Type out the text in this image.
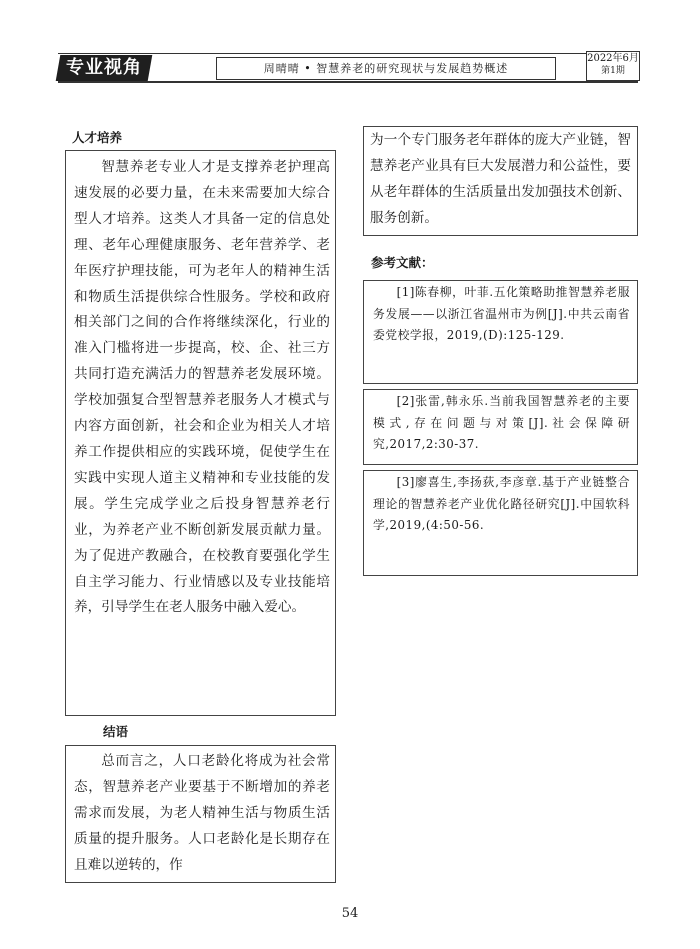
专业视角	周晴晴 • 智慧养老的研究现状与发展趋势概述
2022年6月
第1期
人才培养

智慧养老专业人才是支撑养老护理高速发展的必要力量，在未来需要加大综合型人才培养。这类人才具备一定的信息处理、老年心理健康服务、老年营养学、老年医疗护理技能，可为老年人的精神生活和物质生活提供综合性服务。学校和政府相关部门之间的合作将继续深化，行业的准入门槛将进一步提高，校、企、社三方共同打造充满活力的智慧养老发展环境。学校加强复合型智慧养老服务人才模式与内容方面创新，社会和企业为相关人才培养工作提供相应的实践环境，促使学生在实践中实现人道主义精神和专业技能的发展。学生完成学业之后投身智慧养老行业，为养老产业不断创新发展贡献力量。为了促进产教融合，在校教育要强化学生自主学习能力、行业情感以及专业技能培养，引导学生在老人服务中融入爱心。

结语

总而言之，人口老龄化将成为社会常态，智慧养老产业要基于不断增加的养老需求而发展，为老人精神生活与物质生活质量的提升服务。人口老龄化是长期存在且难以逆转的，作

为一个专门服务老年群体的庞大产业链，智慧养老产业具有巨大发展潜力和公益性，要从老年群体的生活质量出发加强技术创新、服务创新。

参考文献：

[1]陈春柳，叶菲.五化策略助推智慧养老服务发展——以浙江省温州市为例[J].中共云南省委党校学报，2019,(D):125-129.

[2]张雷,韩永乐.当前我国智慧养老的主要模式,存在问题与对策[J].社会保障研究,2017,2:30-37.

[3]廖喜生,李扬荻,李彦章.基于产业链整合理论的智慧养老产业优化路径研究[J].中国软科学,2019,(4:50-56.

54
